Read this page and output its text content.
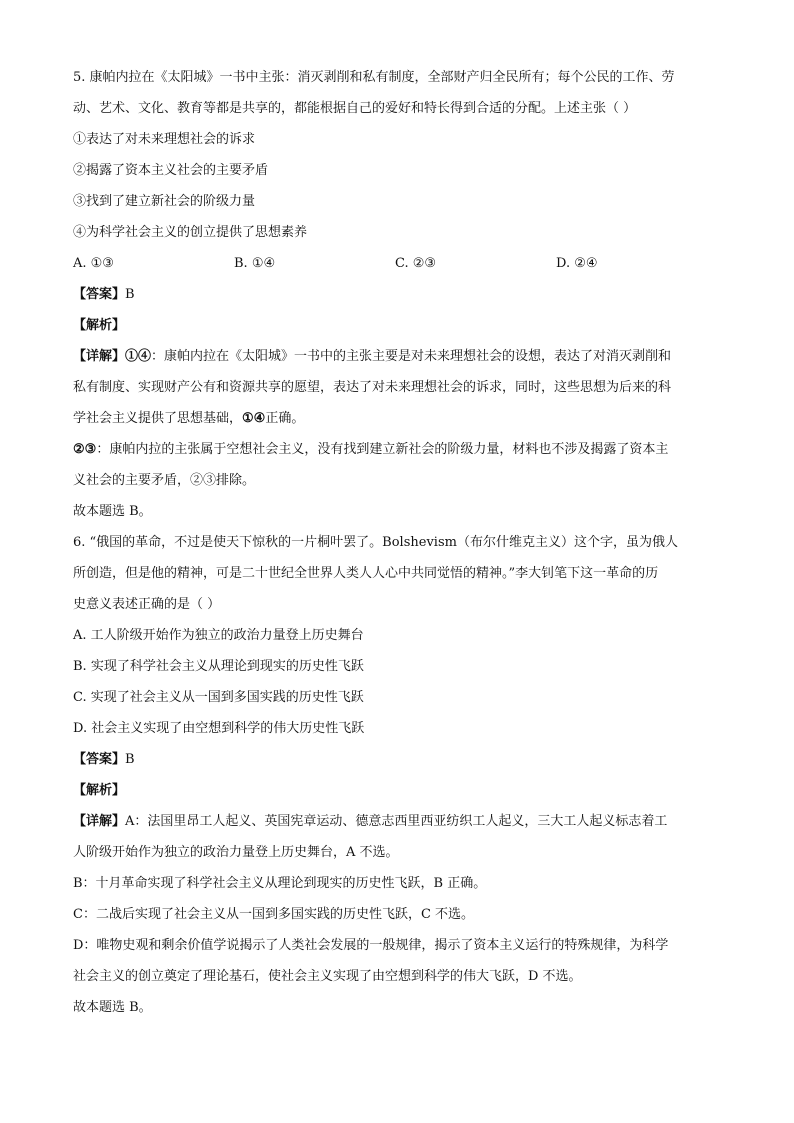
5. 康帕内拉在《太阳城》一书中主张：消灭剥削和私有制度，全部财产归全民所有；每个公民的工作、劳
动、艺术、文化、教育等都是共享的，都能根据自己的爱好和特长得到合适的分配。上述主张（ ）
①表达了对未来理想社会的诉求
②揭露了资本主义社会的主要矛盾
③找到了建立新社会的阶级力量
④为科学社会主义的创立提供了思想素养
A. ①③	B. ①④	C. ②③	D. ②④
【答案】B
【解析】
【详解】①④：康帕内拉在《太阳城》一书中的主张主要是对未来理想社会的设想，表达了对消灭剥削和
私有制度、实现财产公有和资源共享的愿望，表达了对未来理想社会的诉求，同时，这些思想为后来的科
学社会主义提供了思想基础，①④正确。
②③：康帕内拉的主张属于空想社会主义，没有找到建立新社会的阶级力量，材料也不涉及揭露了资本主
义社会的主要矛盾，②③排除。
故本题选 B。
6. “俄国的革命，不过是使天下惊秋的一片桐叶罢了。Bolshevism（布尔什维克主义）这个字，虽为俄人
所创造，但是他的精神，可是二十世纪全世界人类人人心中共同觉悟的精神。”李大钊笔下这一革命的历
史意义表述正确的是（ ）
A. 工人阶级开始作为独立的政治力量登上历史舞台
B. 实现了科学社会主义从理论到现实的历史性飞跃
C. 实现了社会主义从一国到多国实践的历史性飞跃
D. 社会主义实现了由空想到科学的伟大历史性飞跃
【答案】B
【解析】
【详解】A：法国里昂工人起义、英国宪章运动、德意志西里西亚纺织工人起义，三大工人起义标志着工
人阶级开始作为独立的政治力量登上历史舞台，A 不选。
B：十月革命实现了科学社会主义从理论到现实的历史性飞跃，B 正确。
C：二战后实现了社会主义从一国到多国实践的历史性飞跃，C 不选。
D：唯物史观和剩余价值学说揭示了人类社会发展的一般规律，揭示了资本主义运行的特殊规律，为科学
社会主义的创立奠定了理论基石，使社会主义实现了由空想到科学的伟大飞跃，D 不选。
故本题选 B。
